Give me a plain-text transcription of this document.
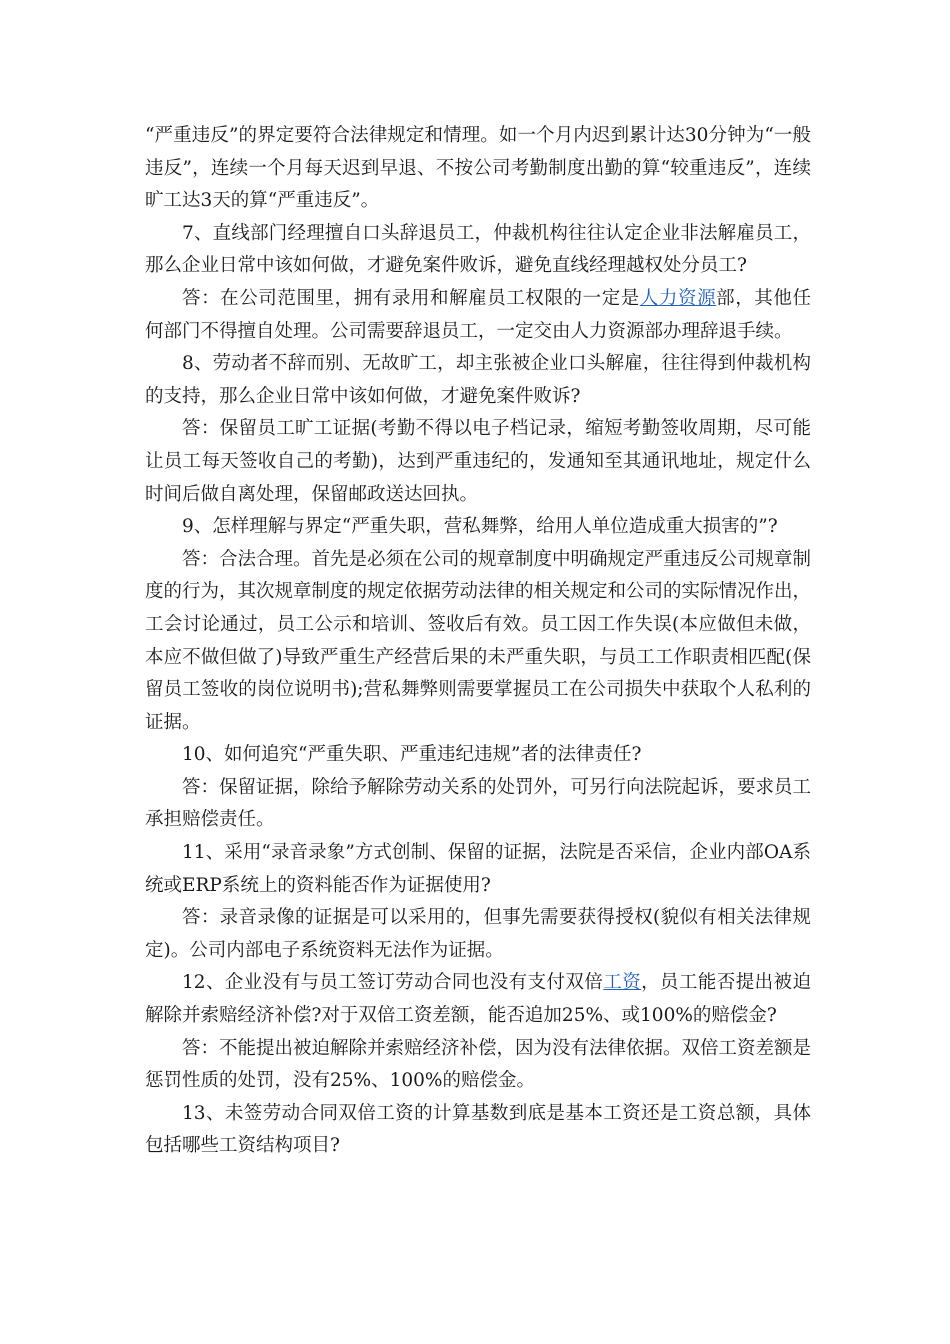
“严重违反”的界定要符合法律规定和情理。如一个月内迟到累计达30分钟为“一般违反”，连续一个月每天迟到早退、不按公司考勤制度出勤的算“较重违反”，连续旷工达3天的算“严重违反”。

7、直线部门经理擅自口头辞退员工，仲裁机构往往认定企业非法解雇员工，那么企业日常中该如何做，才避免案件败诉，避免直线经理越权处分员工?

答：在公司范围里，拥有录用和解雇员工权限的一定是人力资源部，其他任何部门不得擅自处理。公司需要辞退员工，一定交由人力资源部办理辞退手续。

8、劳动者不辞而别、无故旷工，却主张被企业口头解雇，往往得到仲裁机构的支持，那么企业日常中该如何做，才避免案件败诉?

答：保留员工旷工证据(考勤不得以电子档记录，缩短考勤签收周期，尽可能让员工每天签收自己的考勤)，达到严重违纪的，发通知至其通讯地址，规定什么时间后做自离处理，保留邮政送达回执。

9、怎样理解与界定“严重失职，营私舞弊，给用人单位造成重大损害的”?

答：合法合理。首先是必须在公司的规章制度中明确规定严重违反公司规章制度的行为，其次规章制度的规定依据劳动法律的相关规定和公司的实际情况作出，工会讨论通过，员工公示和培训、签收后有效。员工因工作失误(本应做但未做，本应不做但做了)导致严重生产经营后果的未严重失职，与员工工作职责相匹配(保留员工签收的岗位说明书);营私舞弊则需要掌握员工在公司损失中获取个人私利的证据。

10、如何追究“严重失职、严重违纪违规”者的法律责任?

答：保留证据，除给予解除劳动关系的处罚外，可另行向法院起诉，要求员工承担赔偿责任。

11、采用“录音录象”方式创制、保留的证据，法院是否采信，企业内部OA系统或ERP系统上的资料能否作为证据使用?

答：录音录像的证据是可以采用的，但事先需要获得授权(貌似有相关法律规定)。公司内部电子系统资料无法作为证据。

12、企业没有与员工签订劳动合同也没有支付双倍工资，员工能否提出被迫解除并索赔经济补偿?对于双倍工资差额，能否追加25%、或100%的赔偿金?

答：不能提出被迫解除并索赔经济补偿，因为没有法律依据。双倍工资差额是惩罚性质的处罚，没有25%、100%的赔偿金。

13、未签劳动合同双倍工资的计算基数到底是基本工资还是工资总额，具体包括哪些工资结构项目?
